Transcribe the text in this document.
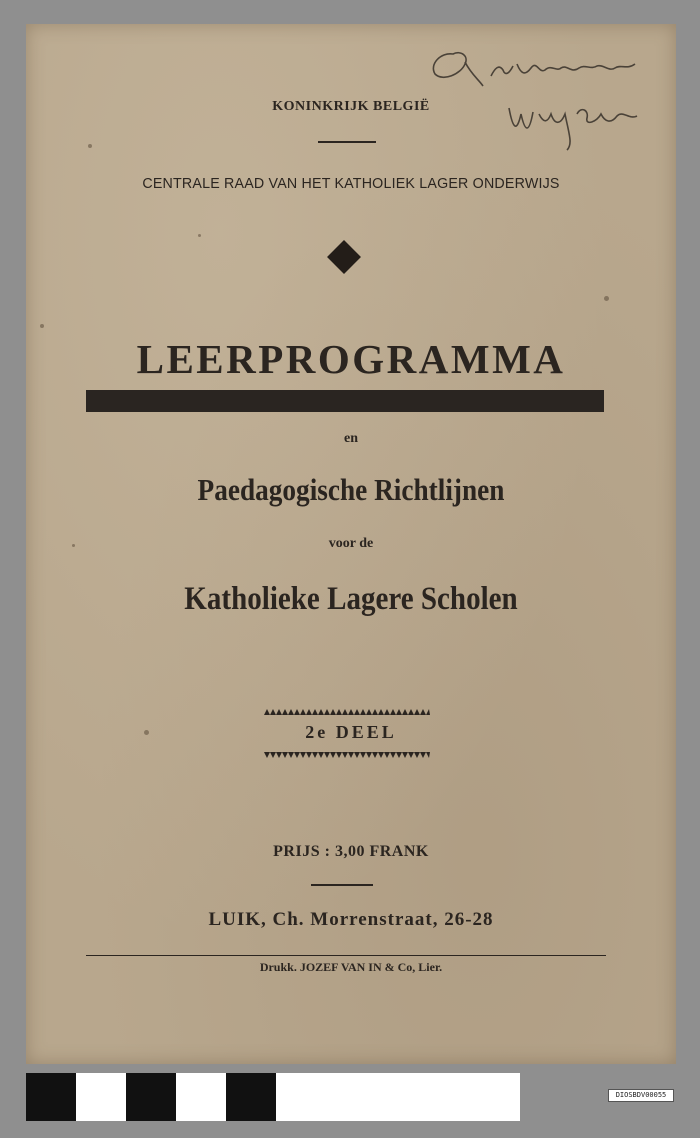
KONINKRIJK BELGIË
CENTRALE RAAD VAN HET KATHOLIEK LAGER ONDERWIJS
LEERPROGRAMMA
en
Paedagogische Richtlijnen
voor de
Katholieke Lagere Scholen
2e DEEL
PRIJS : 3,00 FRANK
LUIK, Ch. Morrenstraat, 26-28
Drukk. JOZEF VAN IN & Co, Lier.
DIOSBDV00055
